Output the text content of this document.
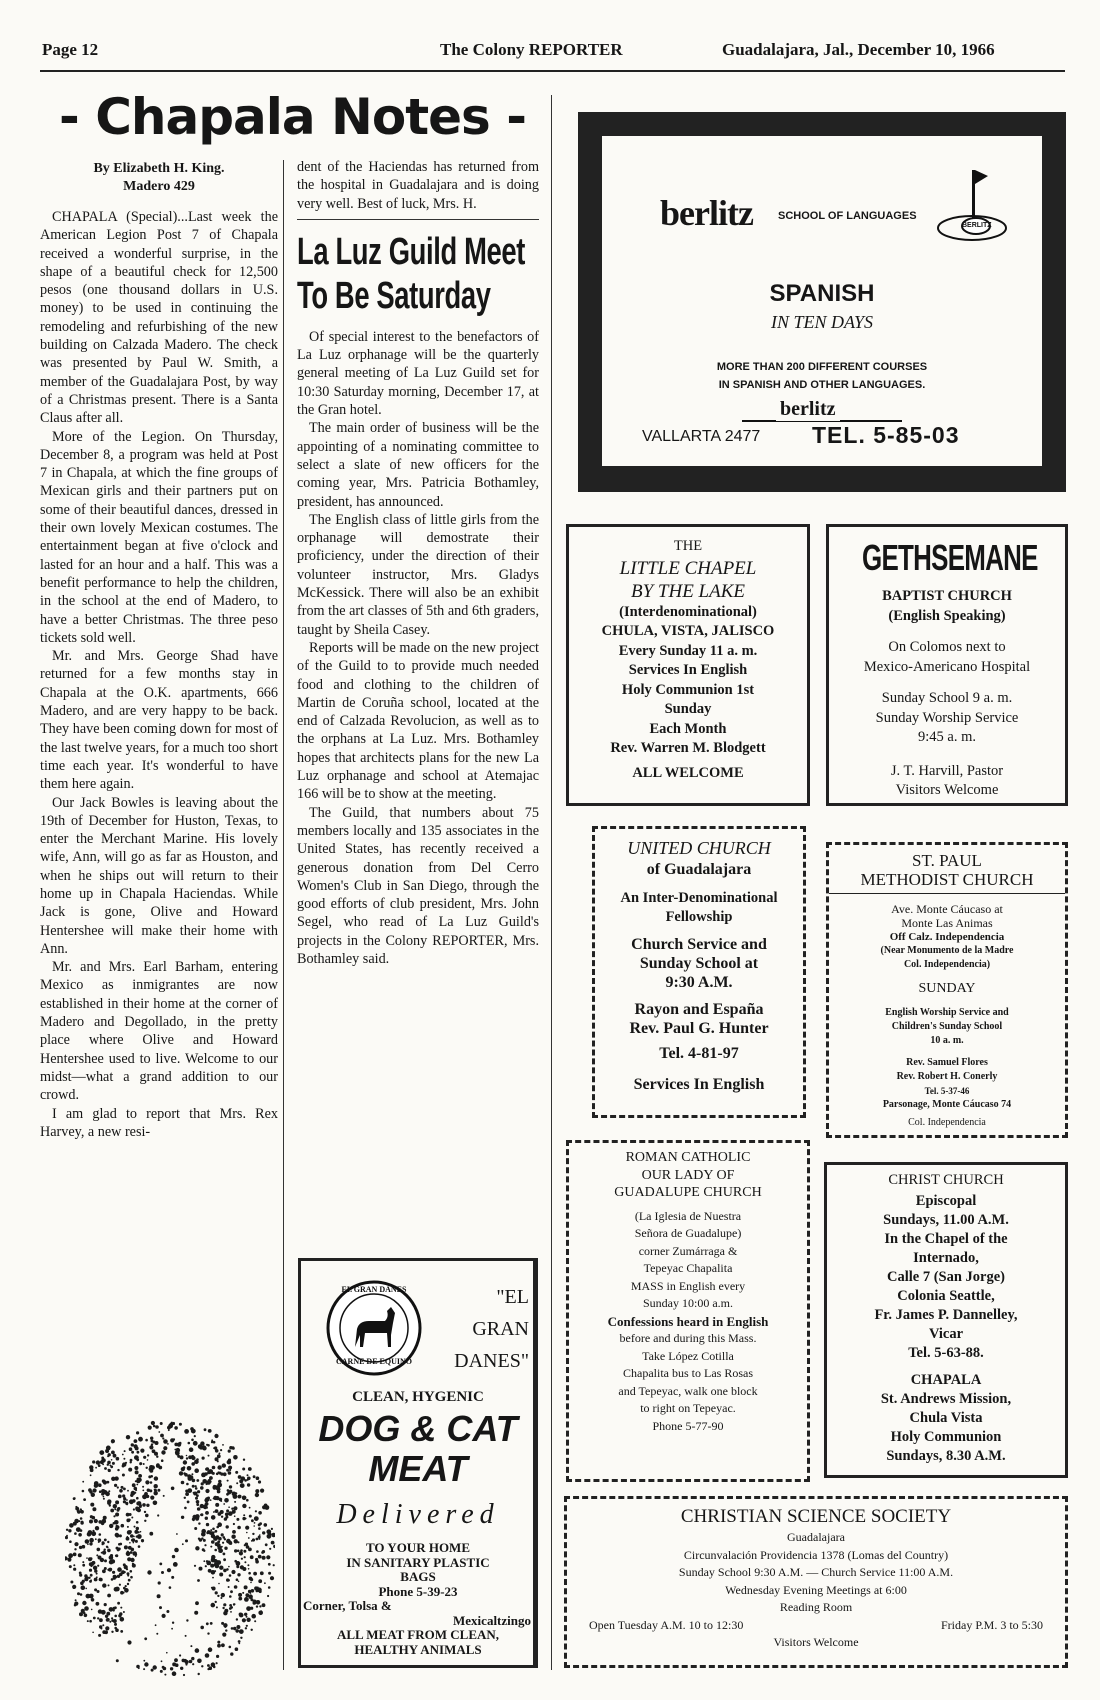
Page 12	The Colony REPORTER	Guadalajara, Jal., December 10, 1966
- Chapala Notes -
By Elizabeth H. King.
Madero 429

CHAPALA (Special)...Last week the American Legion Post 7 of Chapala received a wonderful surprise, in the shape of a beautiful check for 12,500 pesos (one thousand dollars in U.S. money) to be used in continuing the remodeling and refurbishing of the new building on Calzada Madero. The check was presented by Paul W. Smith, a member of the Guadalajara Post, by way of a Christmas present. There is a Santa Claus after all.

More of the Legion. On Thursday, December 8, a program was held at Post 7 in Chapala, at which the fine groups of Mexican girls and their partners put on some of their beautiful dances, dressed in their own lovely Mexican costumes. The entertainment began at five o'clock and lasted for an hour and a half. This was a benefit performance to help the children, in the school at the end of Madero, to have a better Christmas. The three peso tickets sold well.

Mr. and Mrs. George Shad have returned for a few months stay in Chapala at the O.K. apartments, 666 Madero, and are very happy to be back. They have been coming down for most of the last twelve years, for a much too short time each year. It's wonderful to have them here again.

Our Jack Bowles is leaving about the 19th of December for Huston, Texas, to enter the Merchant Marine. His lovely wife, Ann, will go as far as Houston, and when he ships out will return to their home up in Chapala Haciendas. While Jack is gone, Olive and Howard Hentershee will make their home with Ann.

Mr. and Mrs. Earl Barham, entering Mexico as inmigrantes are now established in their home at the corner of Madero and Degollado, in the pretty place where Olive and Howard Hentershee used to live. Welcome to our midst—what a grand addition to our crowd.

I am glad to report that Mrs. Rex Harvey, a new resi-

dent of the Haciendas has returned from the hospital in Guadalajara and is doing very well. Best of luck, Mrs. H.

La Luz Guild Meet
To Be Saturday

Of special interest to the benefactors of La Luz orphanage will be the quarterly general meeting of La Luz Guild set for 10:30 Saturday morning, December 17, at the Gran hotel.

The main order of business will be the appointing of a nominating committee to select a slate of new officers for the coming year, Mrs. Patricia Bothamley, president, has announced.

The English class of little girls from the orphanage will demostrate their proficiency, under the direction of their volunteer instructor, Mrs. Gladys McKessick. There will also be an exhibit from the art classes of 5th and 6th graders, taught by Sheila Casey.

Reports will be made on the new project of the Guild to to provide much needed food and clothing to the children of Martin de Coruña school, located at the end of Calzada Revolucion, as well as to the orphans at La Luz. Mrs. Bothamley hopes that architects plans for the new La Luz orphanage and school at Atemajac 166 will be to show at the meeting.

The Guild, that numbers about 75 members locally and 135 associates in the United States, has recently received a generous donation from Del Cerro Women's Club in San Diego, through the good efforts of club president, Mrs. John Segel, who read of La Luz Guild's projects in the Colony REPORTER, Mrs. Bothamley said.

EL GRAN DANES
CARNE DE EQUINO
"EL
GRAN
DANES"
CLEAN, HYGENIC
DOG & CAT
MEAT
Delivered
TO YOUR HOME
IN SANITARY PLASTIC
BAGS
Phone 5-39-23
Corner, Tolsa &
Mexicaltzingo
ALL MEAT FROM CLEAN,
HEALTHY ANIMALS
berlitz SCHOOL OF LANGUAGES
BERLITZ
SPANISH
IN TEN DAYS
MORE THAN 200 DIFFERENT COURSES
IN SPANISH AND OTHER LANGUAGES.
berlitz
VALLARTA 2477 TEL. 5-85-03
THE
LITTLE CHAPEL
BY THE LAKE
(Interdenominational)
CHULA, VISTA, JALISCO
Every Sunday 11 a. m.
Services In English
Holy Communion 1st
Sunday
Each Month
Rev. Warren M. Blodgett
ALL WELCOME
GETHSEMANE
BAPTIST CHURCH
(English Speaking)
On Colomos next to
Mexico-Americano Hospital
Sunday School 9 a. m.
Sunday Worship Service
9:45 a. m.
J. T. Harvill, Pastor
Visitors Welcome
UNITED CHURCH
of Guadalajara
An Inter-Denominational
Fellowship
Church Service and
Sunday School at
9:30 A.M.
Rayon and España
Rev. Paul G. Hunter
Tel. 4-81-97
Services In English
ST. PAUL
METHODIST CHURCH
Ave. Monte Cáucaso at
Monte Las Animas
Off Calz. Independencia
(Near Monumento de la Madre
Col. Independencia)
SUNDAY
English Worship Service and
Children's Sunday School
10 a. m.
Rev. Samuel Flores
Rev. Robert H. Conerly
Tel. 5-37-46
Parsonage, Monte Cáucaso 74
Col. Independencia
ROMAN CATHOLIC
OUR LADY OF
GUADALUPE CHURCH
(La Iglesia de Nuestra
Señora de Guadalupe)
corner Zumárraga &
Tepeyac Chapalita
MASS in English every
Sunday 10:00 a.m.
Confessions heard in English
before and during this Mass.
Take López Cotilla
Chapalita bus to Las Rosas
and Tepeyac, walk one block
to right on Tepeyac.
Phone 5-77-90
CHRIST CHURCH
Episcopal
Sundays, 11.00 A.M.
In the Chapel of the
Internado,
Calle 7 (San Jorge)
Colonia Seattle,
Fr. James P. Dannelley,
Vicar
Tel. 5-63-88.
CHAPALA
St. Andrews Mission,
Chula Vista
Holy Communion
Sundays, 8.30 A.M.
CHRISTIAN SCIENCE SOCIETY
Guadalajara
Circunvalación Providencia 1378 (Lomas del Country)
Sunday School 9:30 A.M. — Church Service 11:00 A.M.
Wednesday Evening Meetings at 6:00
Reading Room
Open Tuesday A.M. 10 to 12:30	Friday P.M. 3 to 5:30
Visitors Welcome
